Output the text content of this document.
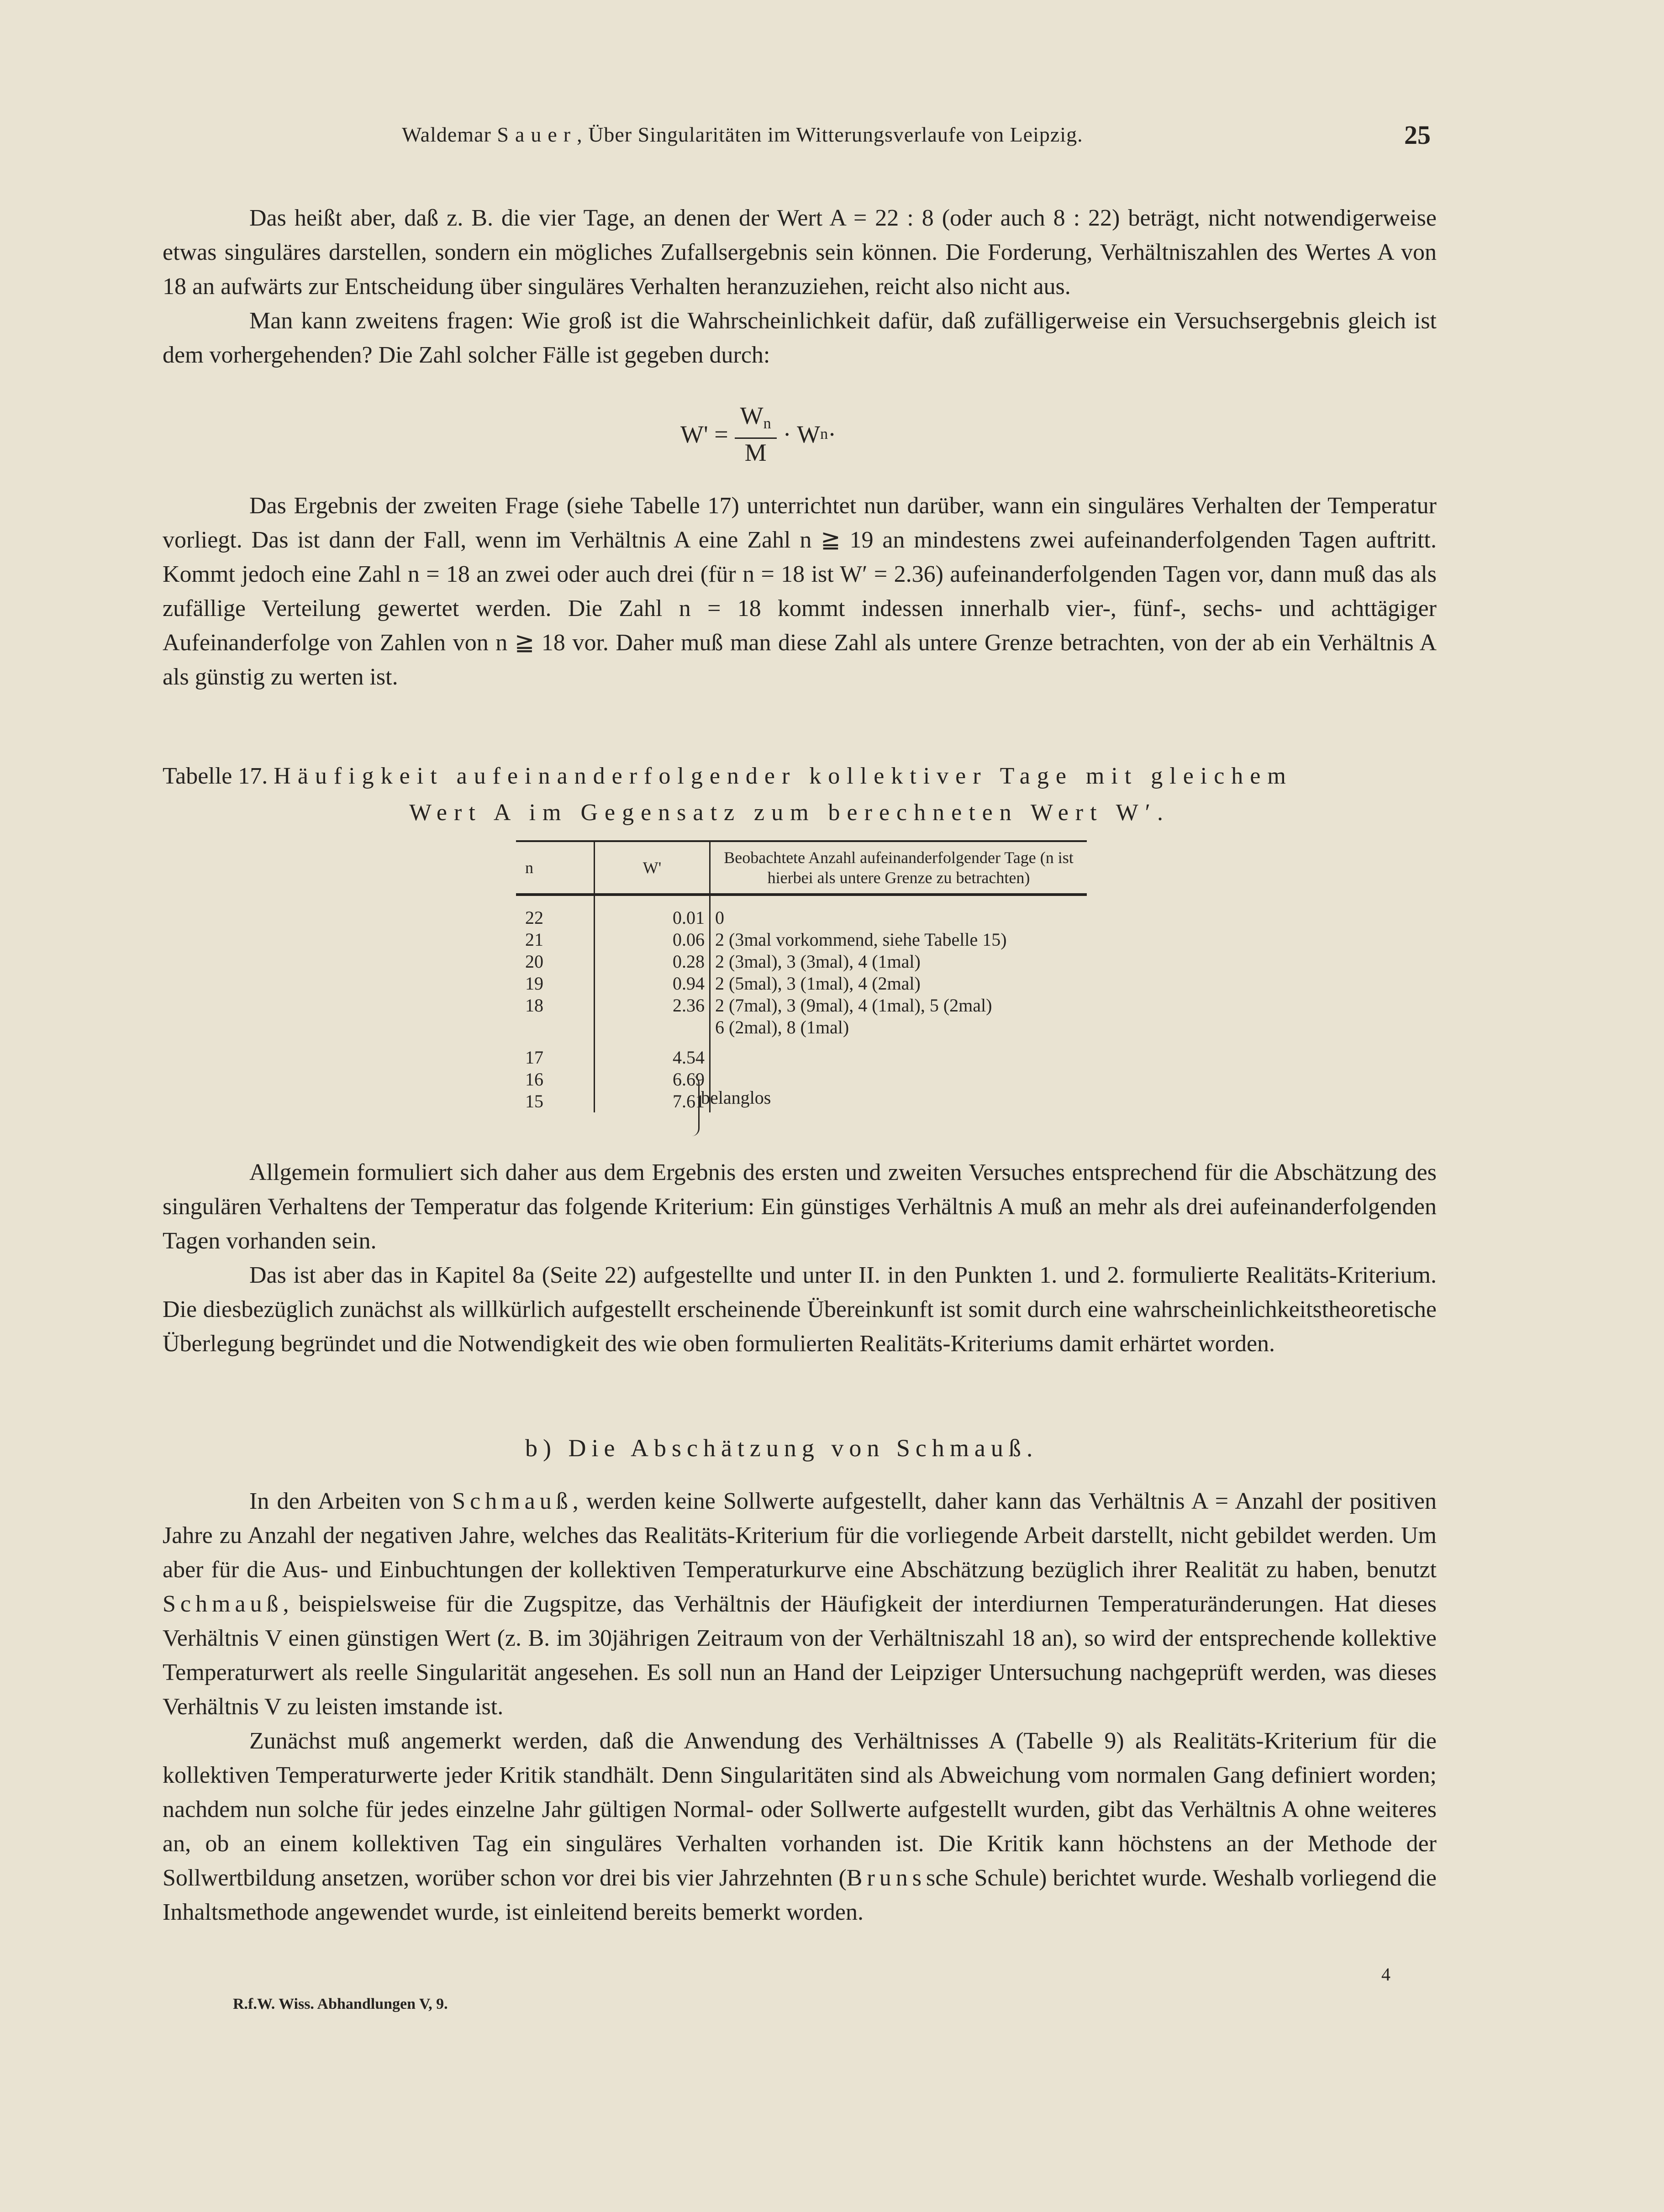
Waldemar Sauer, Über Singularitäten im Witterungsverlaufe von Leipzig.	25

Das heißt aber, daß z. B. die vier Tage, an denen der Wert A = 22 : 8 (oder auch 8 : 22) beträgt, nicht notwendigerweise etwas singuläres darstellen, sondern ein mögliches Zufallsergebnis sein können. Die Forderung, Verhältniszahlen des Wertes A von 18 an aufwärts zur Entscheidung über singuläres Verhalten heranzuziehen, reicht also nicht aus.

Man kann zweitens fragen: Wie groß ist die Wahrscheinlichkeit dafür, daß zufälligerweise ein Versuchsergebnis gleich ist dem vorhergehenden? Die Zahl solcher Fälle ist gegeben durch:

$W' = \frac{W_n}{M} \cdot W$ n ·

Das Ergebnis der zweiten Frage (siehe Tabelle 17) unterrichtet nun darüber, wann ein singuläres Verhalten der Temperatur vorliegt. Das ist dann der Fall, wenn im Verhältnis A eine Zahl n ≧ 19 an mindestens zwei aufeinanderfolgenden Tagen auftritt. Kommt jedoch eine Zahl n = 18 an zwei oder auch drei (für n = 18 ist W′ = 2.36) aufeinanderfolgenden Tagen vor, dann muß das als zufällige Verteilung gewertet werden. Die Zahl n = 18 kommt indessen innerhalb vier-, fünf-, sechs- und achttägiger Aufeinanderfolge von Zahlen von n ≧ 18 vor. Daher muß man diese Zahl als untere Grenze betrachten, von der ab ein Verhältnis A als günstig zu werten ist.

Tabelle 17. Häufigkeit aufeinanderfolgender kollektiver Tage mit gleichem
Wert A im Gegensatz zum berechneten Wert W′.
n	W'	Beobachtete Anzahl aufeinanderfolgender Tage (n ist hierbei als untere Grenze zu betrachten)
22	0.01	0
21	0.06	2 (3mal vorkommend, siehe Tabelle 15)
20	0.28	2 (3mal), 3 (3mal), 4 (1mal)
19	0.94	2 (5mal), 3 (1mal), 4 (2mal)
18	2.36	2 (7mal), 3 (9mal), 4 (1mal), 5 (2mal)
		6 (2mal), 8 (1mal)
17	4.54	
16	6.69	
15	7.61	
belanglos

Allgemein formuliert sich daher aus dem Ergebnis des ersten und zweiten Versuches entsprechend für die Abschätzung des singulären Verhaltens der Temperatur das folgende Kriterium: Ein günstiges Verhältnis A muß an mehr als drei aufeinanderfolgenden Tagen vorhanden sein.

Das ist aber das in Kapitel 8a (Seite 22) aufgestellte und unter II. in den Punkten 1. und 2. formulierte Realitäts-Kriterium. Die diesbezüglich zunächst als willkürlich aufgestellt erscheinende Übereinkunft ist somit durch eine wahrscheinlichkeitstheoretische Überlegung begründet und die Notwendigkeit des wie oben formulierten Realitäts-Kriteriums damit erhärtet worden.

b) Die Abschätzung von Schmauß.

In den Arbeiten von Schmauß, werden keine Sollwerte aufgestellt, daher kann das Verhältnis A = Anzahl der positiven Jahre zu Anzahl der negativen Jahre, welches das Realitäts-Kriterium für die vorliegende Arbeit darstellt, nicht gebildet werden. Um aber für die Aus- und Einbuchtungen der kollektiven Temperaturkurve eine Abschätzung bezüglich ihrer Realität zu haben, benutzt Schmauß, beispielsweise für die Zugspitze, das Verhältnis der Häufigkeit der interdiurnen Temperaturänderungen. Hat dieses Verhältnis V einen günstigen Wert (z. B. im 30jährigen Zeitraum von der Verhältniszahl 18 an), so wird der entsprechende kollektive Temperaturwert als reelle Singularität angesehen. Es soll nun an Hand der Leipziger Untersuchung nachgeprüft werden, was dieses Verhältnis V zu leisten imstande ist.

Zunächst muß angemerkt werden, daß die Anwendung des Verhältnisses A (Tabelle 9) als Realitäts-Kriterium für die kollektiven Temperaturwerte jeder Kritik standhält. Denn Singularitäten sind als Abweichung vom normalen Gang definiert worden; nachdem nun solche für jedes einzelne Jahr gültigen Normal- oder Sollwerte aufgestellt wurden, gibt das Verhältnis A ohne weiteres an, ob an einem kollektiven Tag ein singuläres Verhalten vorhanden ist. Die Kritik kann höchstens an der Methode der Sollwertbildung ansetzen, worüber schon vor drei bis vier Jahrzehnten (Brunssche Schule) berichtet wurde. Weshalb vorliegend die Inhaltsmethode angewendet wurde, ist einleitend bereits bemerkt worden.

4
R.f.W. Wiss. Abhandlungen V, 9.
